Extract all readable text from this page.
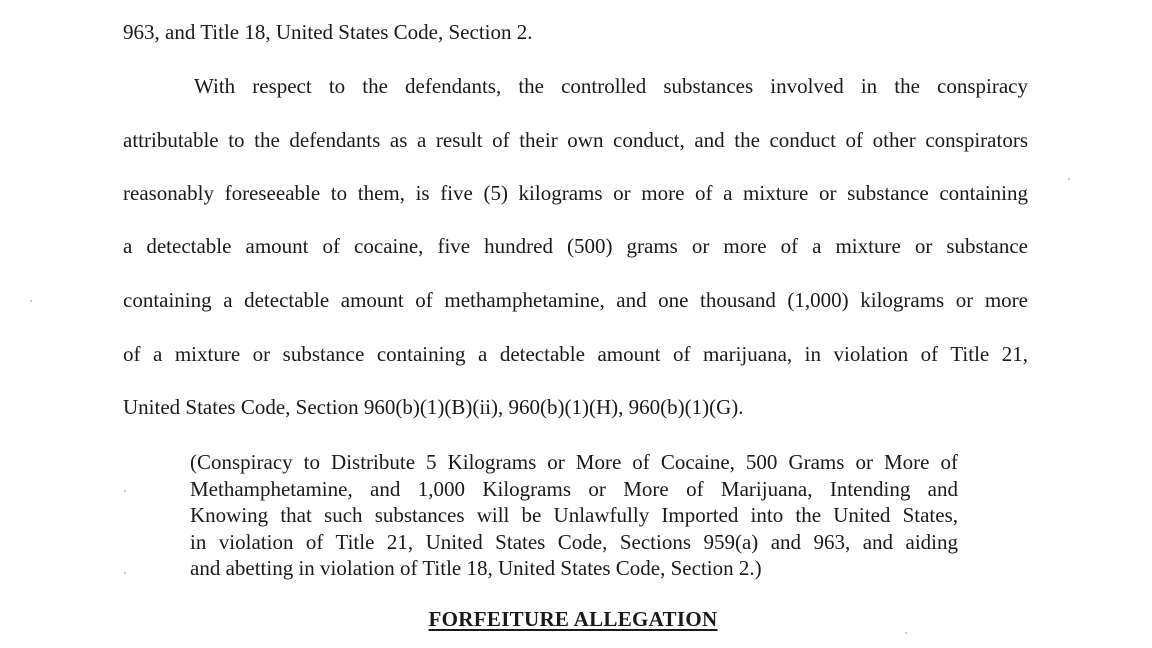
963, and Title 18, United States Code, Section 2.
With respect to the defendants, the controlled substances involved in the conspiracy
attributable to the defendants as a result of their own conduct, and the conduct of other conspirators
reasonably foreseeable to them, is five (5) kilograms or more of a mixture or substance containing
a detectable amount of cocaine, five hundred (500) grams or more of a mixture or substance
containing a detectable amount of methamphetamine, and one thousand (1,000) kilograms or more
of a mixture or substance containing a detectable amount of marijuana, in violation of Title 21,
United States Code, Section 960(b)(1)(B)(ii), 960(b)(1)(H), 960(b)(1)(G).
(Conspiracy to Distribute 5 Kilograms or More of Cocaine, 500 Grams or More of
Methamphetamine, and 1,000 Kilograms or More of Marijuana, Intending and
Knowing that such substances will be Unlawfully Imported into the United States,
in violation of Title 21, United States Code, Sections 959(a) and 963, and aiding
and abetting in violation of Title 18, United States Code, Section 2.)
FORFEITURE ALLEGATION
